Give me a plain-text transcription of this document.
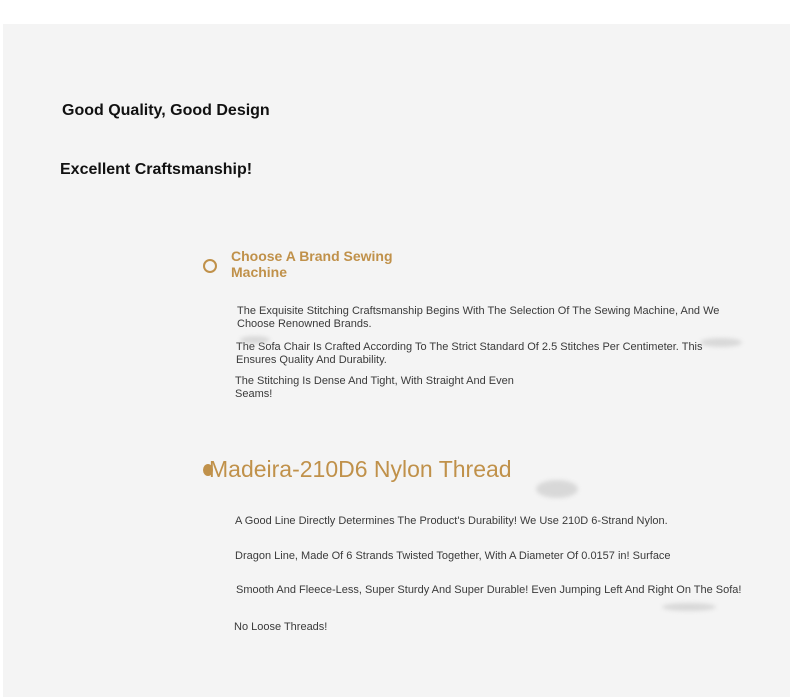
Good Quality, Good Design
Excellent Craftsmanship!
Choose A Brand Sewing Machine

The Exquisite Stitching Craftsmanship Begins With The Selection Of The Sewing Machine, And We Choose Renowned Brands.

The Sofa Chair Is Crafted According To The Strict Standard Of 2.5 Stitches Per Centimeter. This Ensures Quality And Durability.

The Stitching Is Dense And Tight, With Straight And Even Seams!

Madeira-210D6 Nylon Thread

A Good Line Directly Determines The Product's Durability! We Use 210D 6-Strand Nylon.

Dragon Line, Made Of 6 Strands Twisted Together, With A Diameter Of 0.0157 in! Surface

Smooth And Fleece-Less, Super Sturdy And Super Durable! Even Jumping Left And Right On The Sofa!

No Loose Threads!
